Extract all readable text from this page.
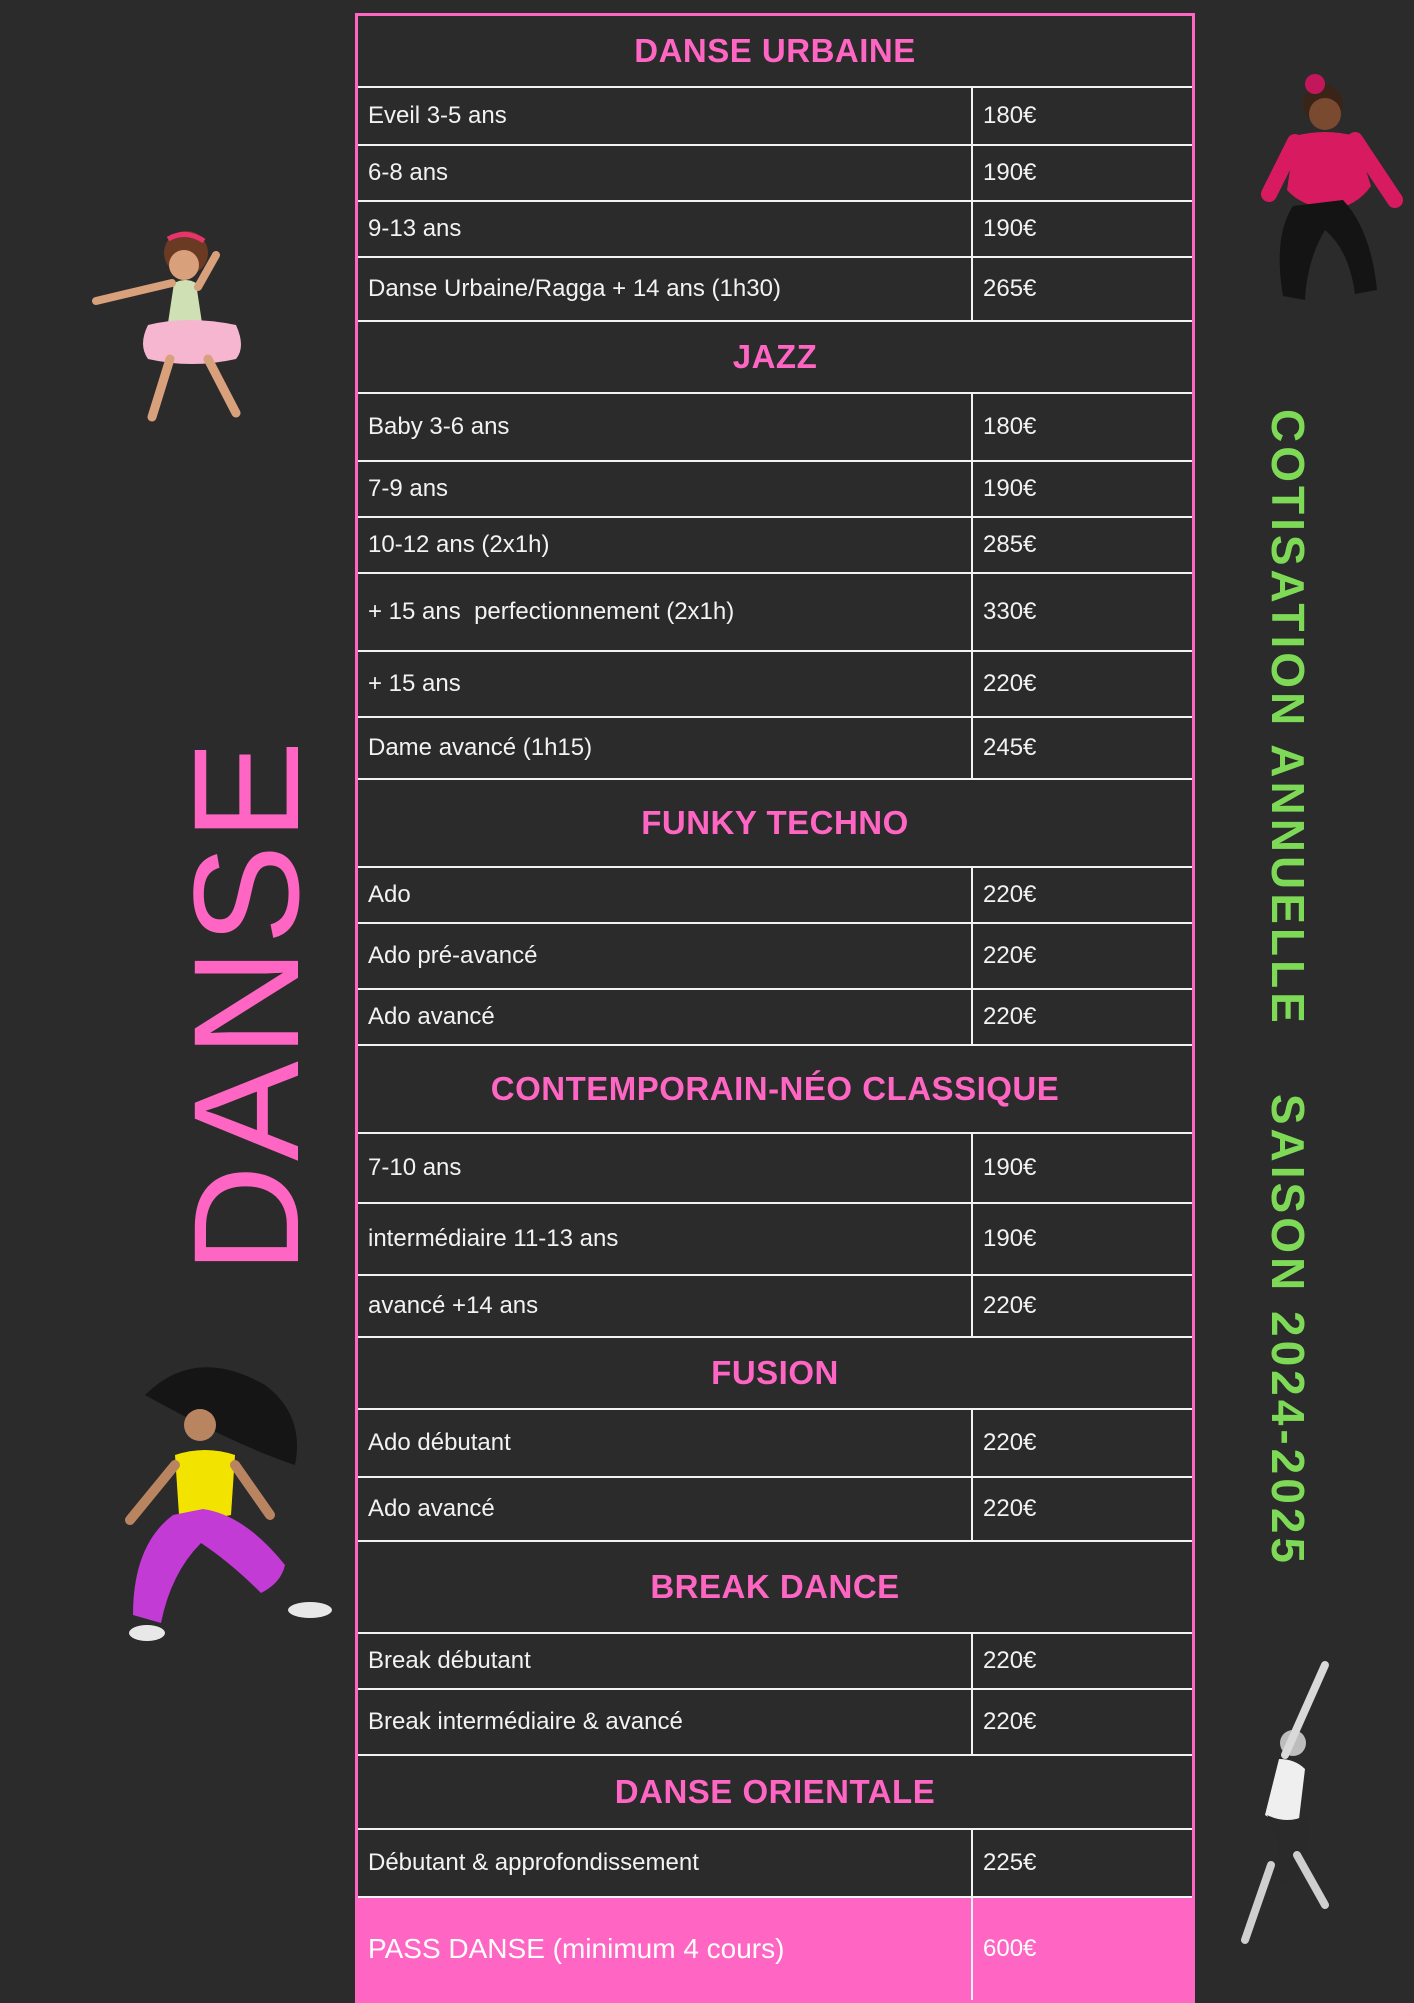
DANSE	COTISATION ANNUELLE    SAISON 2024-2025
DANSE URBAINE
Eveil 3-5 ans	180€
6-8 ans	190€
9-13 ans	190€
Danse Urbaine/Ragga + 14 ans (1h30)	265€
JAZZ
Baby 3-6 ans	180€
7-9 ans	190€
10-12 ans (2x1h)	285€
+ 15 ans  perfectionnement (2x1h)	330€
+ 15 ans	220€
Dame avancé (1h15)	245€
FUNKY TECHNO
Ado	220€
Ado pré-avancé	220€
Ado avancé	220€
CONTEMPORAIN-NÉO CLASSIQUE
7-10 ans	190€
intermédiaire 11-13 ans	190€
avancé +14 ans	220€
FUSION
Ado débutant	220€
Ado avancé	220€
BREAK DANCE
Break débutant	220€
Break intermédiaire & avancé	220€
DANSE ORIENTALE
Débutant & approfondissement	225€
PASS DANSE (minimum 4 cours)	600€
